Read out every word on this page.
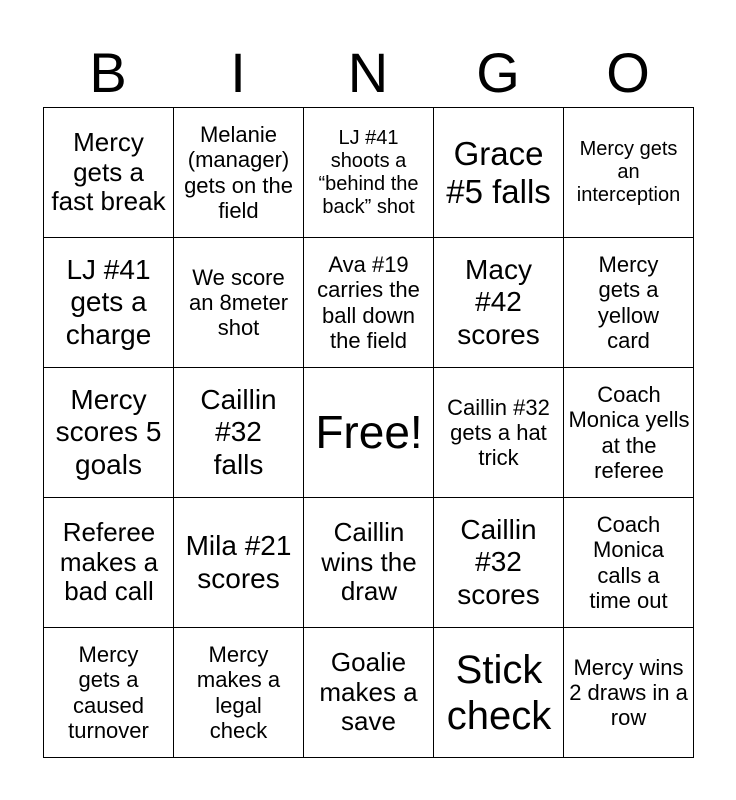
B	I	N	G	O
Mercy gets a fast break	Melanie (manager) gets on the field	LJ #41 shoots a “behind the back” shot	Grace #5 falls	Mercy gets an interception
LJ #41 gets a charge	We score an 8meter shot	Ava #19 carries the ball down the field	Macy #42 scores	Mercy gets a yellow card
Mercy scores 5 goals	Caillin #32 falls	Free!	Caillin #32 gets a hat trick	Coach Monica yells at the referee
Referee makes a bad call	Mila #21 scores	Caillin wins the draw	Caillin #32 scores	Coach Monica calls a time out
Mercy gets a caused turnover	Mercy makes a legal check	Goalie makes a save	Stick check	Mercy wins 2 draws in a row
